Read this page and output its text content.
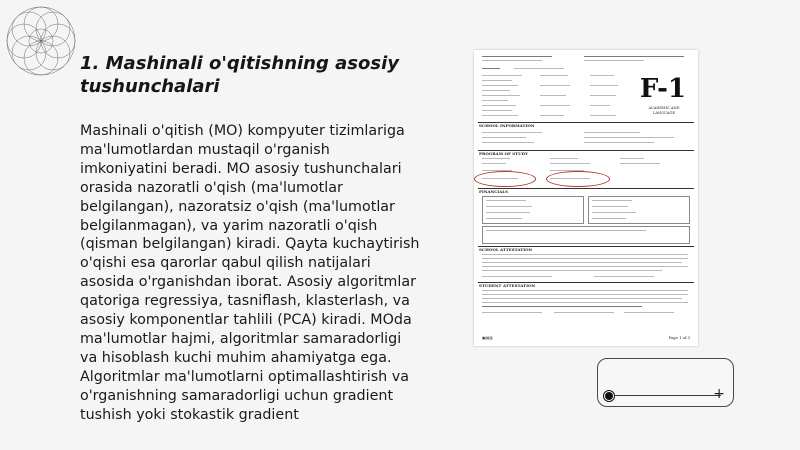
1. Mashinali o'qitishning asosiy tushunchalari

Mashinali o'qitish (MO) kompyuter tizimlariga ma'lumotlardan mustaqil o'rganish imkoniyatini beradi. MO asosiy tushunchalari orasida nazoratli o'qish (ma'lumotlar belgilangan), nazoratsiz o'qish (ma'lumotlar belgilanmagan), va yarim nazoratli o'qish (qisman belgilangan) kiradi. Qayta kuchaytirish o'qishi esa qarorlar qabul qilish natijalari asosida o'rganishdan iborat. Asosiy algoritmlar qatoriga regressiya, tasniflash, klasterlash, va asosiy komponentlar tahlili (PCA) kiradi. MOda ma'lumotlar hajmi, algoritmlar samaradorligi va hisoblash kuchi muhim ahamiyatga ega. Algoritmlar ma'lumotlarni optimallashtirish va o'rganishning samaradorligi uchun gradient tushish yoki stokastik gradient

F-1
ACADEMIC AND LANGUAGE
SCHOOL INFORMATION
PROGRAM OF STUDY
FINANCIALS
SCHOOL ATTESTATION
STUDENT ATTESTATION
▣▤▥	Page 1 of 3
+
